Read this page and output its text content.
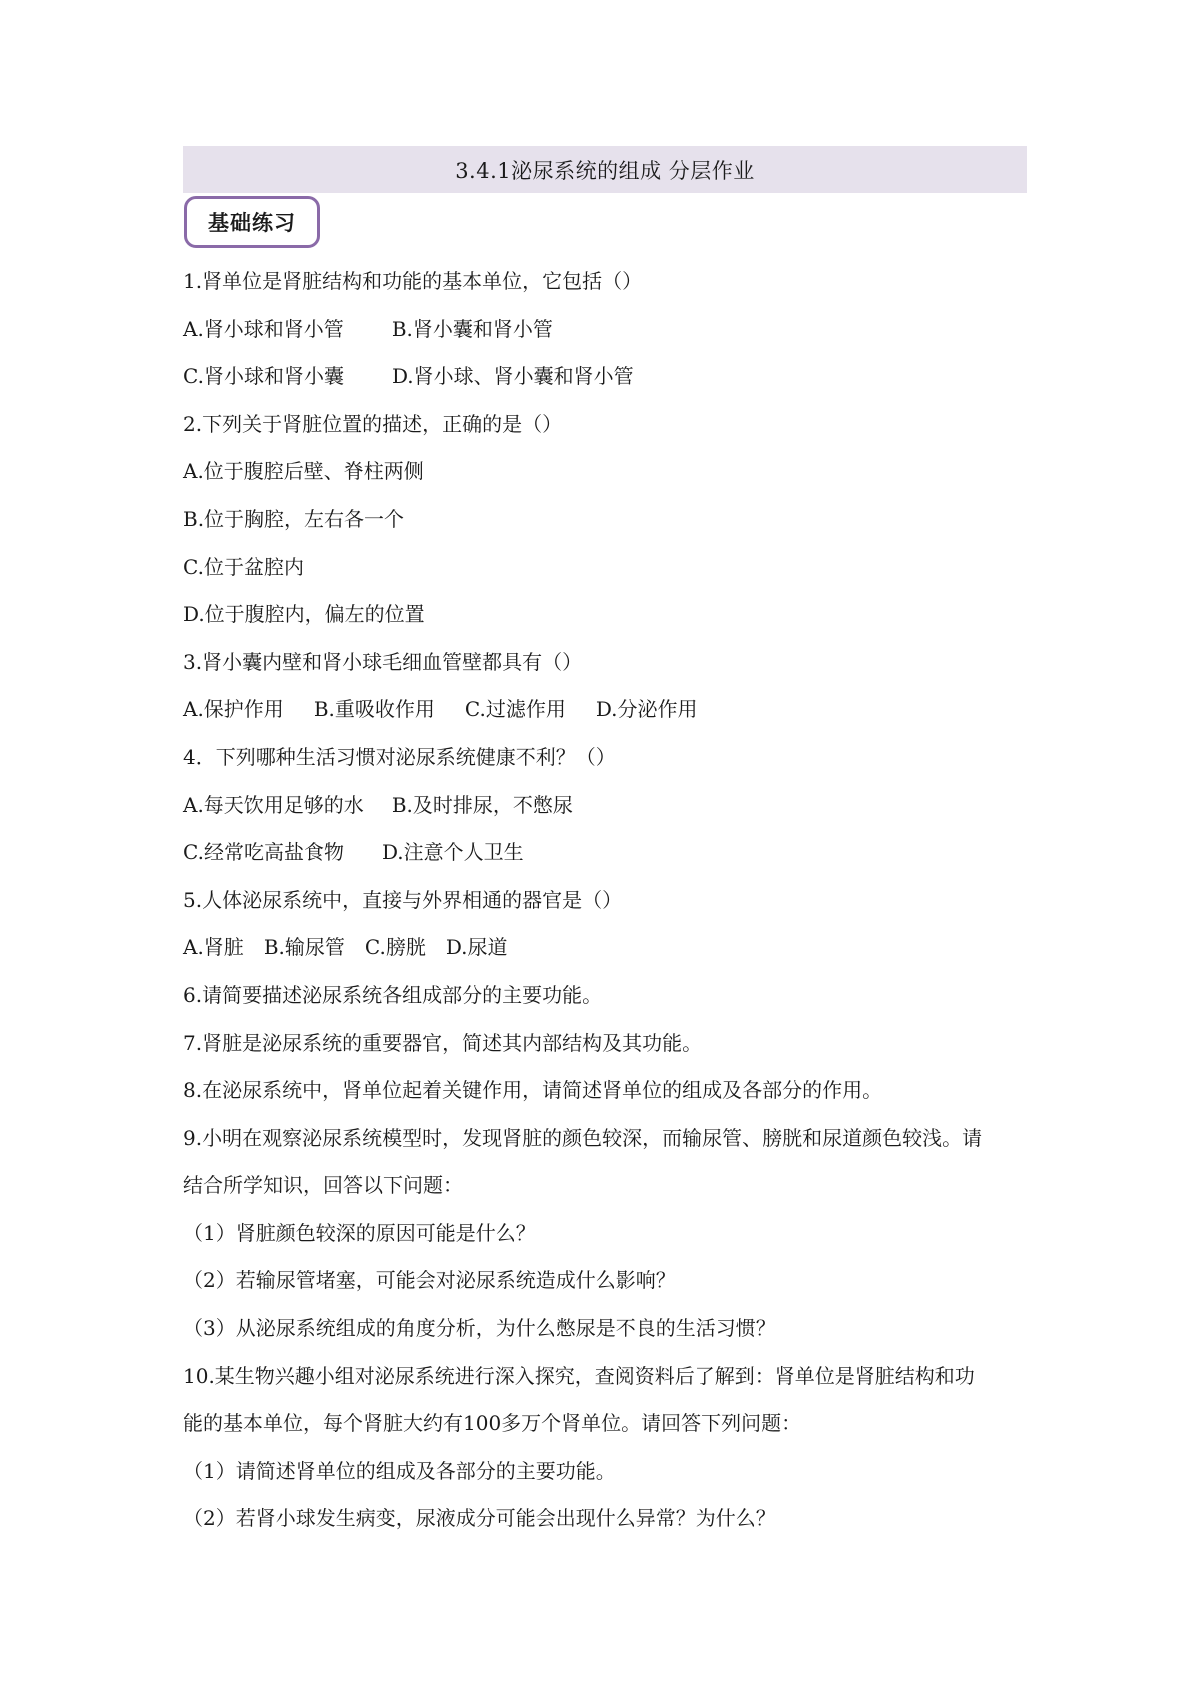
3.4.1泌尿系统的组成 分层作业
基础练习
1.肾单位是肾脏结构和功能的基本单位，它包括（）
A.肾小球和肾小管 B.肾小囊和肾小管
C.肾小球和肾小囊 D.肾小球、肾小囊和肾小管
2.下列关于肾脏位置的描述，正确的是（）
A.位于腹腔后壁、脊柱两侧
B.位于胸腔，左右各一个
C.位于盆腔内
D.位于腹腔内，偏左的位置
3.肾小囊内壁和肾小球毛细血管壁都具有（）
A.保护作用 B.重吸收作用 C.过滤作用 D.分泌作用
4．下列哪种生活习惯对泌尿系统健康不利？（）
A.每天饮用足够的水 B.及时排尿，不憋尿
C.经常吃高盐食物 D.注意个人卫生
5.人体泌尿系统中，直接与外界相通的器官是（）
A.肾脏 B.输尿管 C.膀胱 D.尿道
6.请简要描述泌尿系统各组成部分的主要功能。
7.肾脏是泌尿系统的重要器官，简述其内部结构及其功能。
8.在泌尿系统中，肾单位起着关键作用，请简述肾单位的组成及各部分的作用。
9.小明在观察泌尿系统模型时，发现肾脏的颜色较深，而输尿管、膀胱和尿道颜色较浅。请
结合所学知识，回答以下问题：
（1）肾脏颜色较深的原因可能是什么？
（2）若输尿管堵塞，可能会对泌尿系统造成什么影响？
（3）从泌尿系统组成的角度分析，为什么憋尿是不良的生活习惯？
10.某生物兴趣小组对泌尿系统进行深入探究，查阅资料后了解到：肾单位是肾脏结构和功
能的基本单位，每个肾脏大约有100多万个肾单位。请回答下列问题：
（1）请简述肾单位的组成及各部分的主要功能。
（2）若肾小球发生病变，尿液成分可能会出现什么异常？为什么？
